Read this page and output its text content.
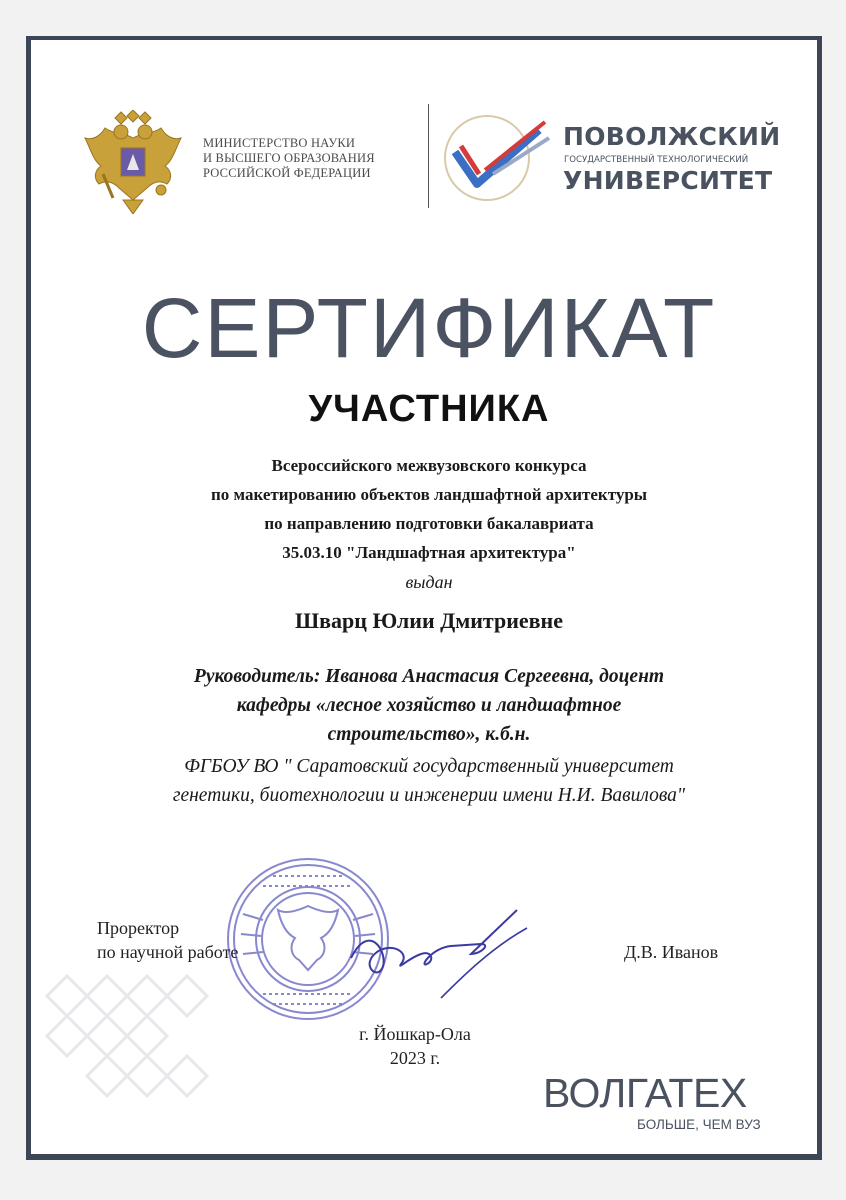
МИНИСТЕРСТВО НАУКИ
И ВЫСШЕГО ОБРАЗОВАНИЯ
РОССИЙСКОЙ ФЕДЕРАЦИИ
ПОВОЛЖСКИЙ
ГОСУДАРСТВЕННЫЙ ТЕХНОЛОГИЧЕСКИЙ
УНИВЕРСИТЕТ
СЕРТИФИКАТ
УЧАСТНИКА
Всероссийского межвузовского конкурса
по макетированию объектов ландшафтной архитектуры
по направлению подготовки бакалавриата
35.03.10 "Ландшафтная архитектура"
выдан
Шварц Юлии Дмитриевне
Руководитель: Иванова Анастасия Сергеевна, доцент
кафедры «лесное хозяйство и ландшафтное
строительство», к.б.н.
ФГБОУ ВО " Саратовский государственный университет
генетики, биотехнологии и инженерии имени Н.И. Вавилова"
Проректор
по научной работе	Д.В. Иванов
г. Йошкар-Ола
2023 г.
ВОЛГАТЕХ
БОЛЬШЕ, ЧЕМ ВУЗ
